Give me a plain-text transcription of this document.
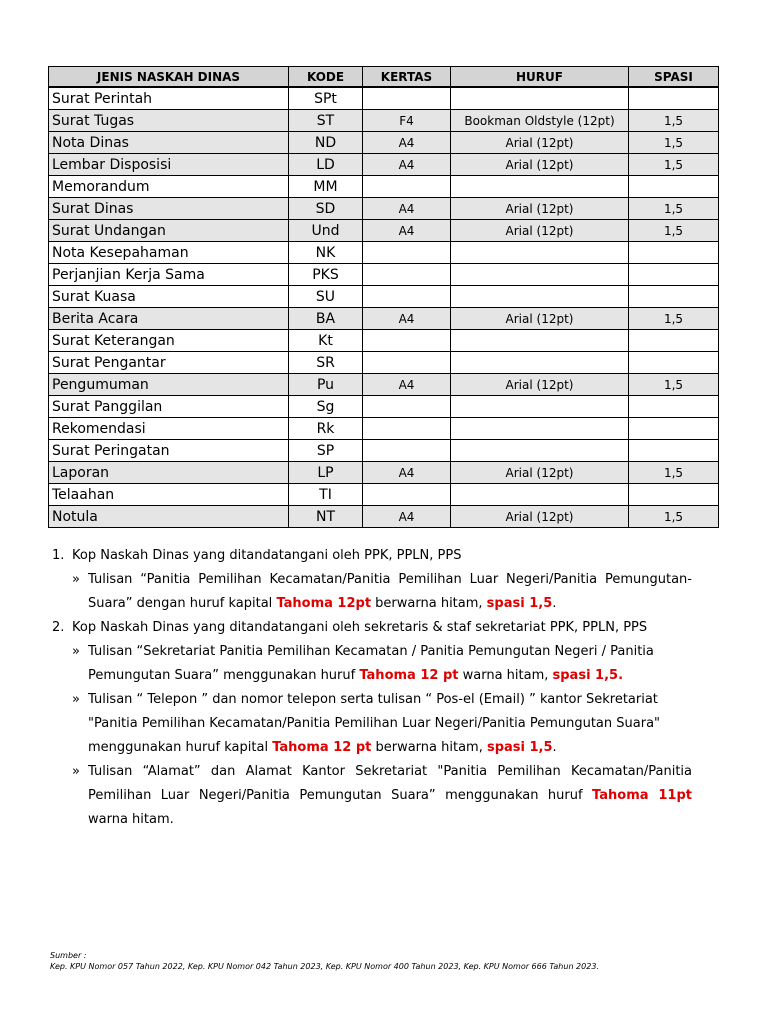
JENIS NASKAH DINAS	KODE	KERTAS	HURUF	SPASI
Surat Perintah	SPt			
Surat Tugas	ST	F4	Bookman Oldstyle (12pt)	1,5
Nota Dinas	ND	A4	Arial (12pt)	1,5
Lembar Disposisi	LD	A4	Arial (12pt)	1,5
Memorandum	MM			
Surat Dinas	SD	A4	Arial (12pt)	1,5
Surat Undangan	Und	A4	Arial (12pt)	1,5
Nota Kesepahaman	NK			
Perjanjian Kerja Sama	PKS			
Surat Kuasa	SU			
Berita Acara	BA	A4	Arial (12pt)	1,5
Surat Keterangan	Kt			
Surat Pengantar	SR			
Pengumuman	Pu	A4	Arial (12pt)	1,5
Surat Panggilan	Sg			
Rekomendasi	Rk			
Surat Peringatan	SP			
Laporan	LP	A4	Arial (12pt)	1,5
Telaahan	TI			
Notula	NT	A4	Arial (12pt)	1,5
1. Kop Naskah Dinas yang ditandatangani oleh PPK, PPLN, PPS
» Tulisan “Panitia Pemilihan Kecamatan/Panitia Pemilihan Luar Negeri/Panitia Pemungutan-Suara” dengan huruf kapital Tahoma 12pt berwarna hitam, spasi 1,5.
2. Kop Naskah Dinas yang ditandatangani oleh sekretaris & staf sekretariat PPK, PPLN, PPS
» Tulisan “Sekretariat Panitia Pemilihan Kecamatan / Panitia Pemungutan Negeri / Panitia Pemungutan Suara” menggunakan huruf Tahoma 12 pt warna hitam, spasi 1,5.
» Tulisan “ Telepon ” dan nomor telepon serta tulisan “ Pos-el (Email) ” kantor Sekretariat "Panitia Pemilihan Kecamatan/Panitia Pemilihan Luar Negeri/Panitia Pemungutan Suara" menggunakan huruf kapital Tahoma 12 pt berwarna hitam, spasi 1,5.
» Tulisan “Alamat” dan Alamat Kantor Sekretariat "Panitia Pemilihan Kecamatan/Panitia Pemilihan Luar Negeri/Panitia Pemungutan Suara” menggunakan huruf Tahoma 11pt warna hitam.
Sumber :
Kep. KPU Nomor 057 Tahun 2022, Kep. KPU Nomor 042 Tahun 2023, Kep. KPU Nomor 400 Tahun 2023, Kep. KPU Nomor 666 Tahun 2023.
